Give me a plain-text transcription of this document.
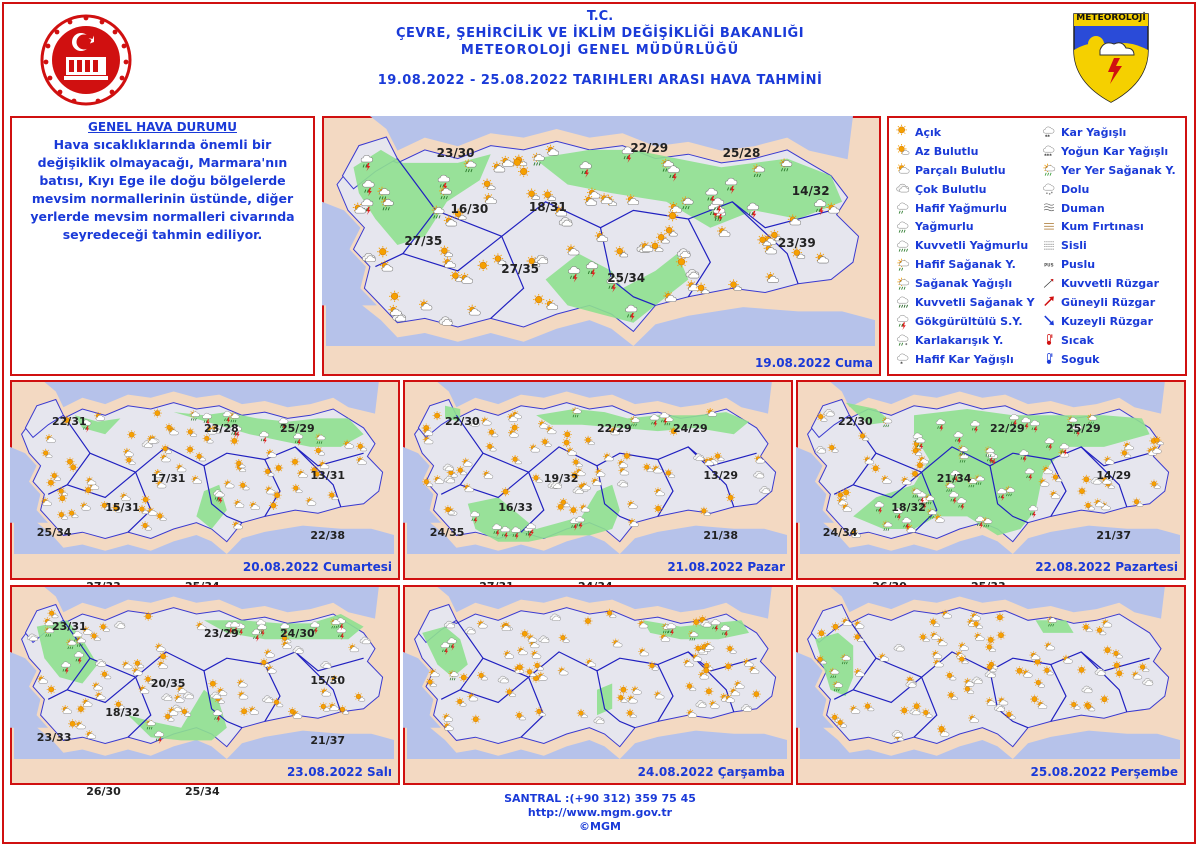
METEOROLOJİ
T.C.
ÇEVRE, ŞEHİRCİLİK VE İKLİM DEĞİŞİKLİĞİ BAKANLIĞI
METEOROLOJİ GENEL MÜDÜRLÜĞÜ
19.08.2022 - 25.08.2022 TARIHLERI ARASI HAVA TAHMİNİ
GENEL HAVA DURUMU
Hava sıcaklıklarında önemli bir değişiklik olmayacağı, Marmara'nın batısı, Kıyı Ege ile doğu bölgelerde mevsim normallerinin üstünde, diğer yerlerde mevsim normalleri civarında seyredeceği tahmin ediliyor.
Açık
Az Bulutlu
Parçalı Bulutlu
Çok Bulutlu
Hafif Yağmurlu
Yağmurlu
Kuvvetli Yağmurlu
Hafif Sağanak Y.
Sağanak Yağışlı
Kuvvetli Sağanak Y
Gökgürültülü S.Y.
* Karlakarışık Y.
* Hafif Kar Yağışlı
** Kar Yağışlı
*** Yoğun Kar Yağışlı
Yer Yer Sağanak Y.
Dolu
Duman
Kum Fırtınası
Sisli
PUS Puslu
Kuvvetli Rüzgar
Güneyli Rüzgar
Kuzeyli Rüzgar
Sıcak
Soguk
23/30	22/29	25/28
16/30	18/31
14/32
27/35	23/39
27/35
25/34
19.08.2022 Cuma
22/31	23/28	25/29
17/31	13/31
15/31
25/34	22/38
20.08.2022 Cumartesi
22/30	22/29	24/29
19/32	13/29
16/33
24/35	21/38
21.08.2022 Pazar
22/30	22/29	25/29
21/34	14/29
18/32
24/34	21/37
22.08.2022 Pazartesi
23/31	23/29	24/30
20/35	15/30
18/32
23/33	21/37
26/30	25/34
23.08.2022 Salı	24.08.2022 Çarşamba	25.08.2022 Perşembe
SANTRAL :(+90 312) 359 75 45
http://www.mgm.gov.tr
©MGM
